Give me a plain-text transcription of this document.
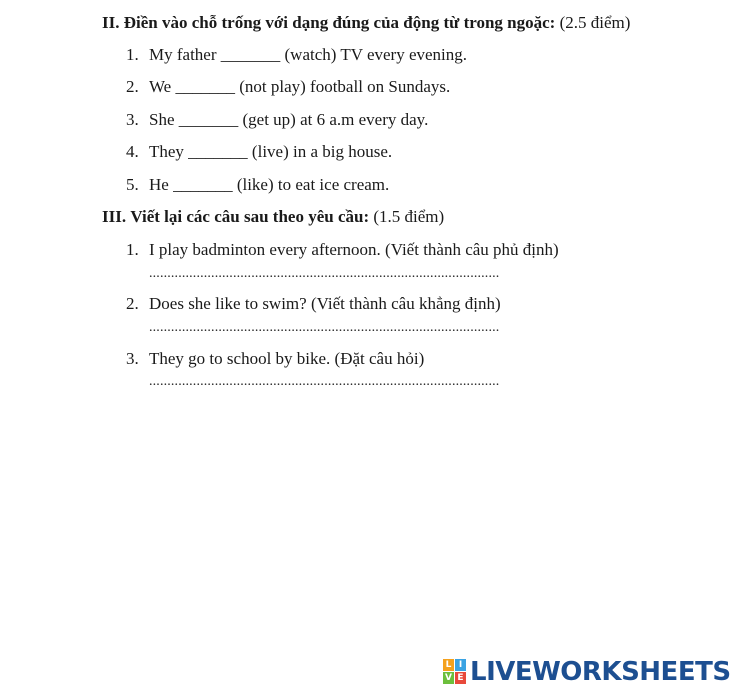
II. Điền vào chỗ trống với dạng đúng của động từ trong ngoặc: (2.5 điểm)
1. My father _______ (watch) TV every evening.
2. We _______ (not play) football on Sundays.
3. She _______ (get up) at 6 a.m every day.
4. They _______ (live) in a big house.
5. He _______ (like) to eat ice cream.
III. Viết lại các câu sau theo yêu cầu: (1.5 điểm)
1. I play badminton every afternoon. (Viết thành câu phủ định)
................................................................................................
2. Does she like to swim? (Viết thành câu khẳng định)
................................................................................................
3. They go to school by bike. (Đặt câu hỏi)
................................................................................................
L I
V E LIVEWORKSHEETS
